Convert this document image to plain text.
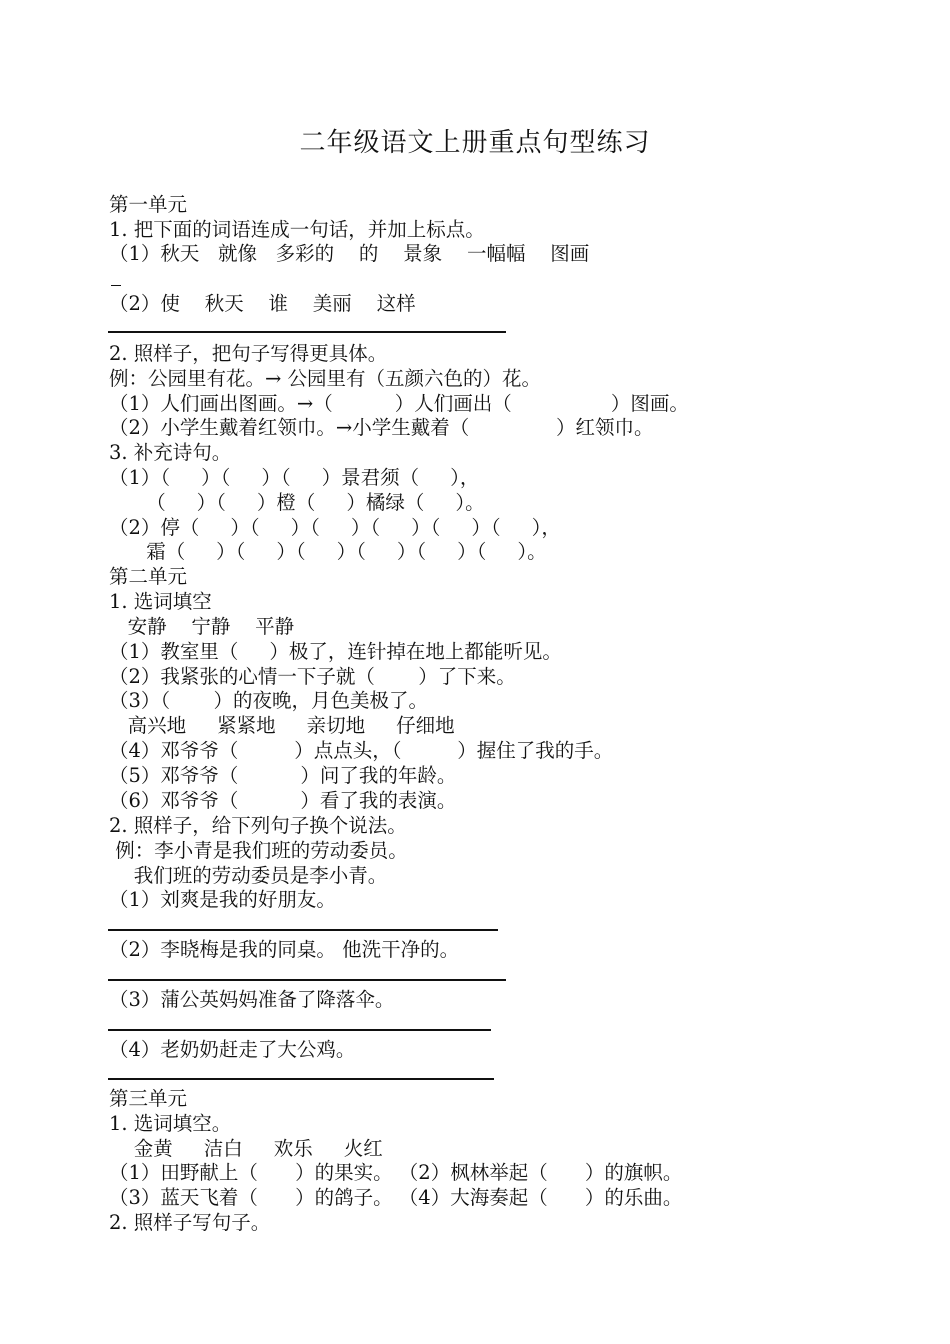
二年级语文上册重点句型练习
第一单元
1. 把下面的词语连成一句话，并加上标点。
（1）秋天   就像   多彩的    的    景象    一幅幅    图画
（2）使    秋天    谁    美丽    这样
2. 照样子，把句子写得更具体。
例：公园里有花。→ 公园里有（五颜六色的）花。
（1）人们画出图画。→（          ）人们画出（                ）图画。
（2）小学生戴着红领巾。→小学生戴着（              ）红领巾。
3. 补充诗句。
（1）（     ）（     ）（     ）景君须（     ），
（     ）（     ）橙（     ）橘绿（     ）。
（2）停（     ）（     ）（     ）（     ）（     ）（     ），
霜（     ）（     ）（     ）（     ）（     ）（     ）。
第二单元
1. 选词填空
安静    宁静    平静
（1）教室里（     ）极了，连针掉在地上都能听见。
（2）我紧张的心情一下子就（       ）了下来。
（3）（       ）的夜晚，月色美极了。
高兴地     紧紧地     亲切地     仔细地
（4）邓爷爷（         ）点点头，（         ）握住了我的手。
（5）邓爷爷（          ）问了我的年龄。
（6）邓爷爷（          ）看了我的表演。
2. 照样子，给下列句子换个说法。
例：李小青是我们班的劳动委员。
我们班的劳动委员是李小青。
（1）刘爽是我的好朋友。
（2）李晓梅是我的同桌。 他洗干净的。
（3）蒲公英妈妈准备了降落伞。
（4）老奶奶赶走了大公鸡。
第三单元
1. 选词填空。
金黄     洁白     欢乐     火红
（1）田野献上（      ）的果实。 （2）枫林举起（      ）的旗帜。
（3）蓝天飞着（      ）的鸽子。 （4）大海奏起（      ）的乐曲。
2. 照样子写句子。
